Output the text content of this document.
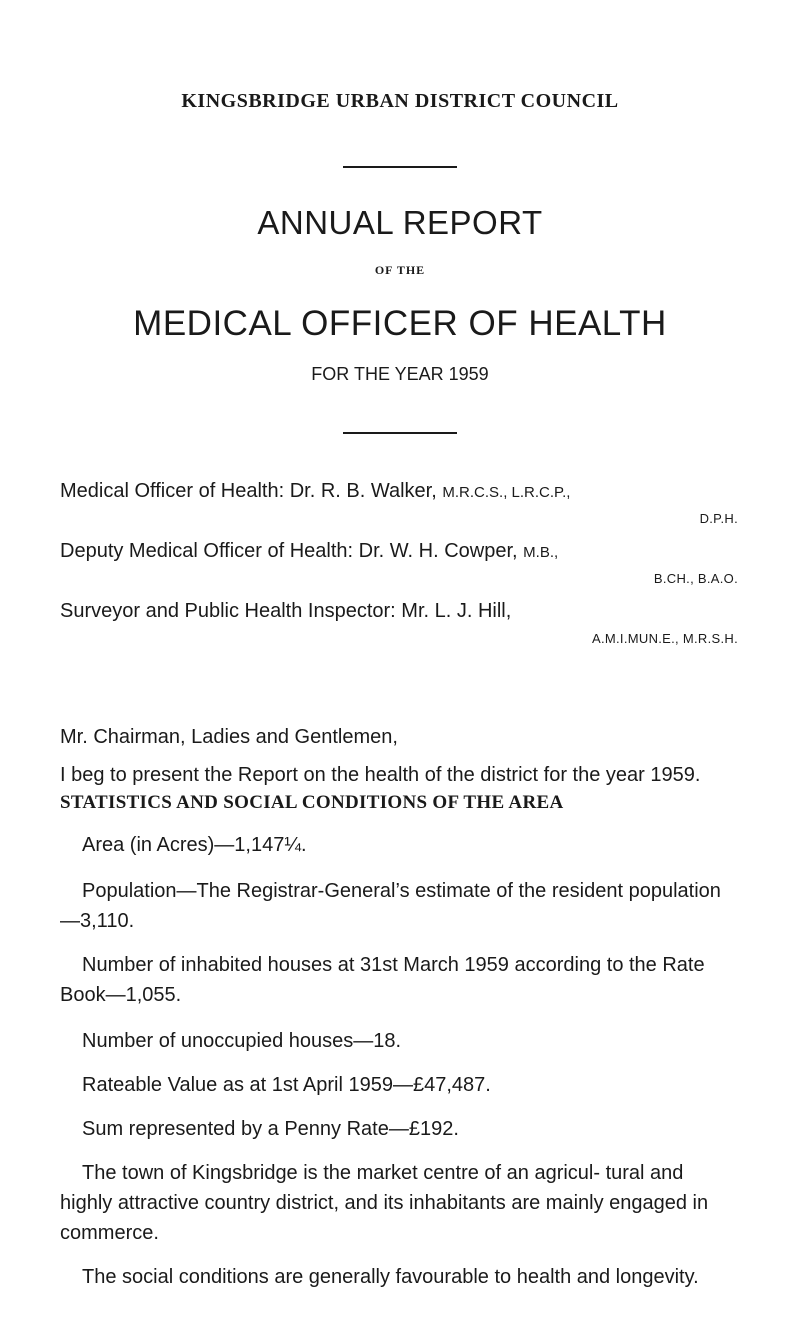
KINGSBRIDGE URBAN DISTRICT COUNCIL
ANNUAL REPORT
OF THE
MEDICAL OFFICER OF HEALTH
FOR THE YEAR 1959
Medical Officer of Health: Dr. R. B. Walker, M.R.C.S., L.R.C.P.,
D.P.H.
Deputy Medical Officer of Health: Dr. W. H. Cowper, M.B.,
B.CH., B.A.O.
Surveyor and Public Health Inspector: Mr. L. J. Hill,
A.M.I.MUN.E., M.R.S.H.
Mr. Chairman, Ladies and Gentlemen,

I beg to present the Report on the health of the district for the year 1959.

STATISTICS AND SOCIAL CONDITIONS OF THE AREA

Area (in Acres)—1,147¼.

Population—The Registrar-General’s estimate of the resident population—3,110.

Number of inhabited houses at 31st March 1959 according to the Rate Book—1,055.

Number of unoccupied houses—18.

Rateable Value as at 1st April 1959—£47,487.

Sum represented by a Penny Rate—£192.

The town of Kingsbridge is the market centre of an agricul- tural and highly attractive country district, and its inhabitants are mainly engaged in commerce.

The social conditions are generally favourable to health and longevity.
